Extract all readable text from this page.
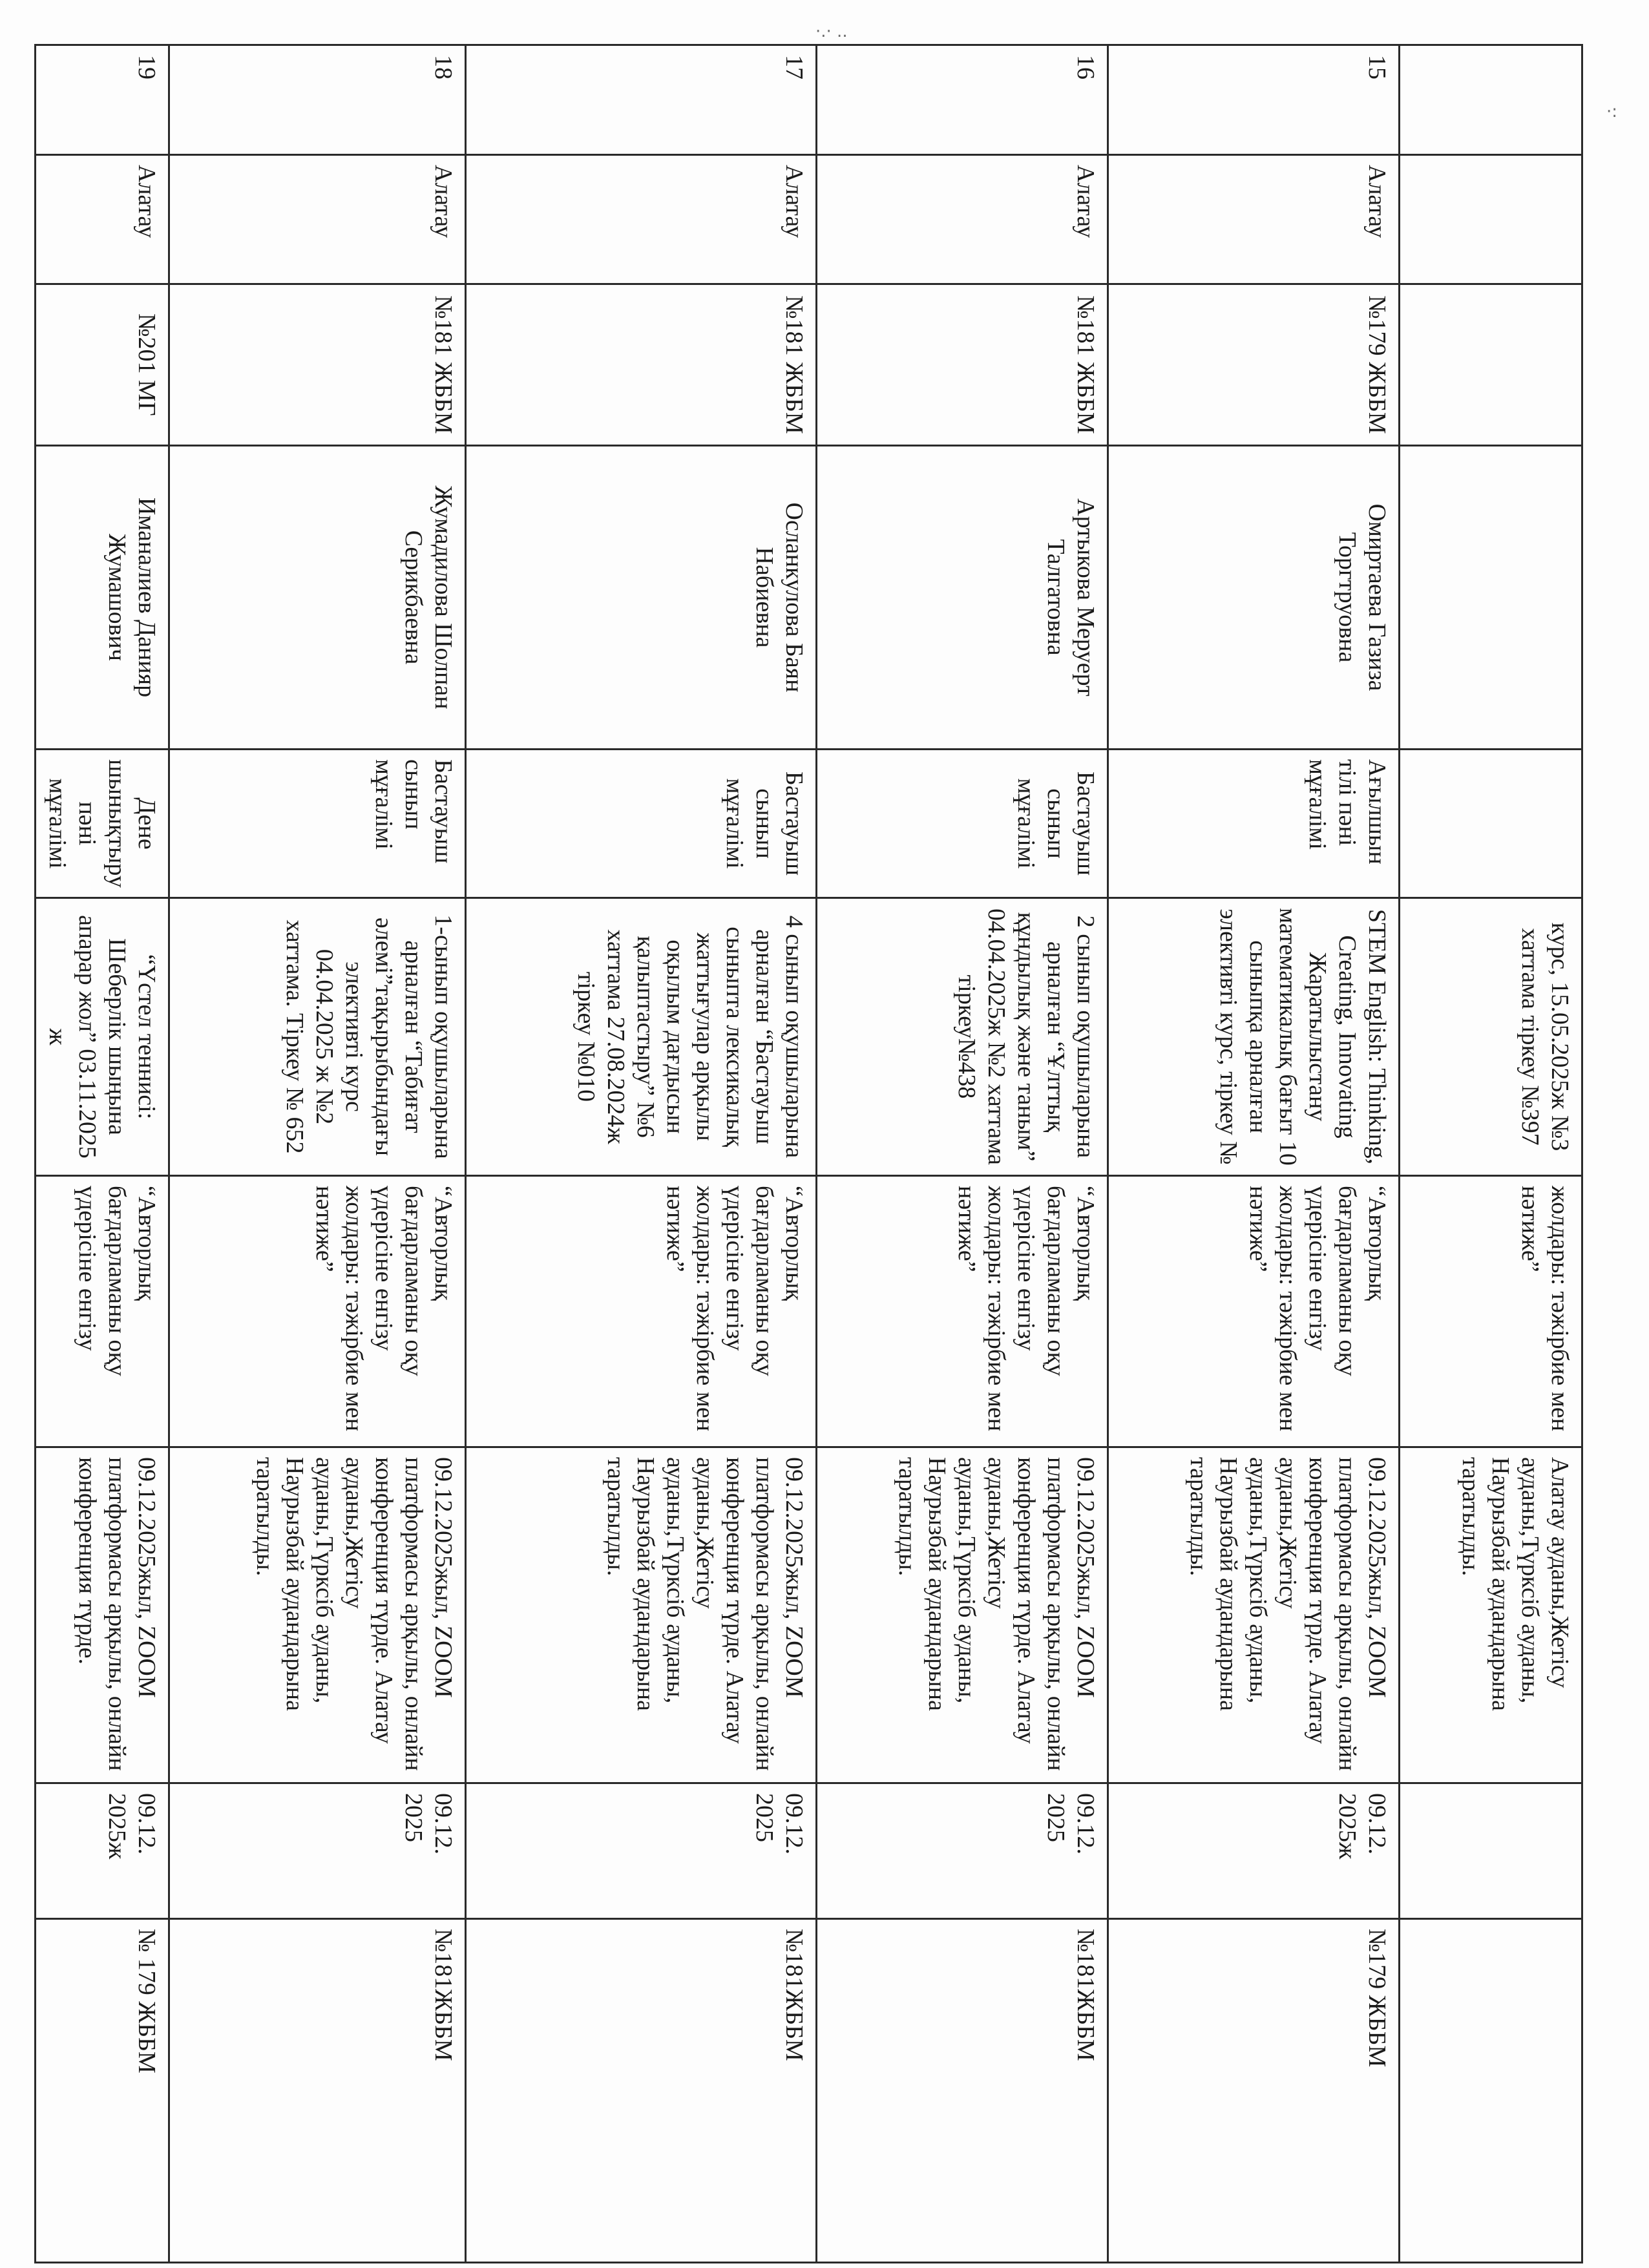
·.· ..
·:
					курс, 15.05.2025ж №3 хаттама тіркеу №397	жолдары: тәжірбие мен нәтиже”	Алатау ауданы,Жетісу ауданы,Түрксіб ауданы, Наурызбай аудандарына таратылды.		
15	Алатау	№179 ЖББМ	Омиртаева Газиза Торгтруовна	Ағылшын тілі пәні мұғалімі	STEM English: Thinking, Creating, Innovating Жаратылыстану математикалық бағыт 10 сыныпқа арналған элективті курс, тіркеу №	“Авторлық бағдарламаны оқу үдерісіне енгізу жолдары: тәжірбие мен нәтиже”	09.12.2025жыл, ZOOM платформасы арқылы, онлайн конференция түрде. Алатау ауданы,Жетісу ауданы,Түрксіб ауданы, Наурызбай аудандарына таратылды.	09.12. 2025ж	№179 ЖББМ
16	Алатау	№181 ЖББМ	Артыкова Меруерт Талгатовна	Бастауыш сынып мұғалімі	2 сынып оқушыларына арналған “Ұлттық құндылық және таным” 04.04.2025ж №2 хаттама тіркеу№438	“Авторлық бағдарламаны оқу үдерісіне енгізу жолдары: тәжірбие мен нәтиже”	09.12.2025жыл, ZOOM платформасы арқылы, онлайн конференция түрде. Алатау ауданы,Жетісу ауданы,Түрксіб ауданы, Наурызбай аудандарына таратылды.	09.12. 2025	№181ЖББМ
17	Алатау	№181 ЖББМ	Осланкулова Баян Набиевна	Бастауыш сынып мұғалімі	4 сынып оқушыларына арналған “Бастауыш сыныпта лексикалық жаттығулар арқылы оқылым дағдысын қалыптастыру” №6 хаттама 27.08.2024ж тіркеу №010	“Авторлық бағдарламаны оқу үдерісіне енгізу жолдары: тәжірбие мен нәтиже”	09.12.2025жыл, ZOOM платформасы арқылы, онлайн конференция түрде. Алатау ауданы,Жетісу ауданы,Түрксіб ауданы, Наурызбай аудандарына таратылды.	09.12. 2025	№181ЖББМ
18	Алатау	№181 ЖББМ	Жумадилова Шолпан Серикбаевна	Бастауыш сынып мұғалімі	1-сынып оқушыларына арналған “Табиғат әлемі”тақырыбындағы элективті курс 04.04.2025 ж №2 хаттама. Тіркеу № 652	“Авторлық бағдарламаны оқу үдерісіне енгізу жолдары: тәжірбие мен нәтиже”	09.12.2025жыл, ZOOM платформасы арқылы, онлайн конференция түрде. Алатау ауданы,Жетісу ауданы,Түрксіб ауданы, Наурызбай аудандарына таратылды.	09.12. 2025	№181ЖББМ
19	Алатау	№201 МГ	Иманалиев Данияр Жумашович	Дене шынықтыру пәні мұғалімі	“Үстел теннисі: Шеберлік шыңына апарар жол” 03.11.2025 ж	“Авторлық бағдарламаны оқу үдерісіне енгізу	09.12.2025жыл, ZOOM платформасы арқылы, онлайн конференция түрде.	09.12. 2025ж	№ 179 ЖББМ
